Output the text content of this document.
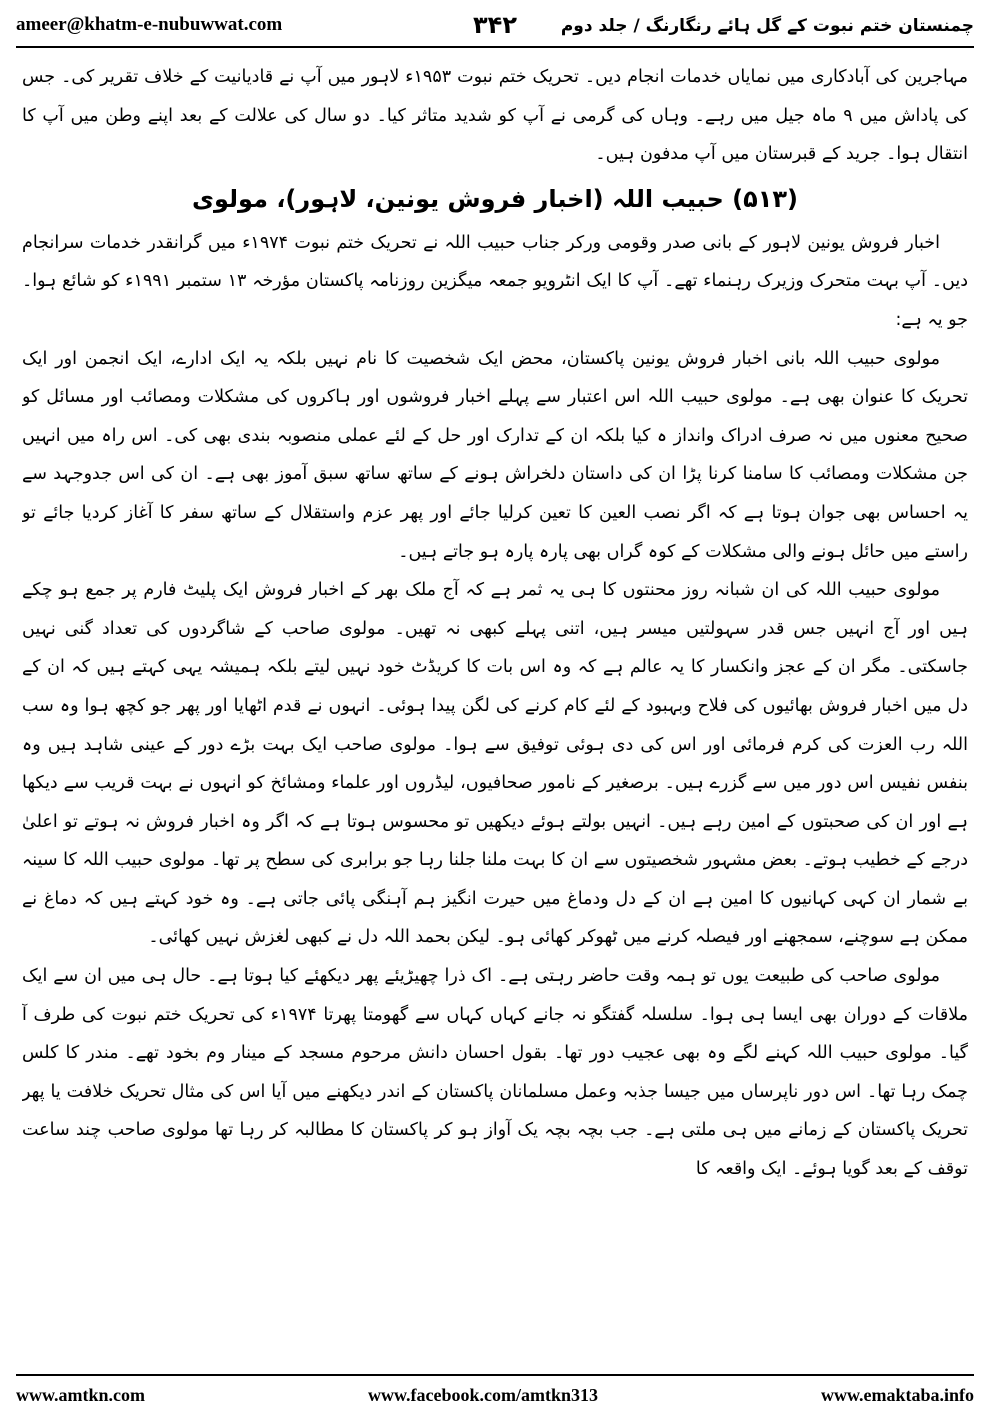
ameer@khatm-e-nubuwwat.com	۳۴۲	چمنستان ختم نبوت کے گل ہائے رنگارنگ / جلد دوم

مہاجرین کی آبادکاری میں نمایاں خدمات انجام دیں۔ تحریک ختم نبوت ۱۹۵۳ء لاہور میں آپ نے قادیانیت کے خلاف تقریر کی۔ جس کی پاداش میں ۹ ماہ جیل میں رہے۔ وہاں کی گرمی نے آپ کو شدید متاثر کیا۔ دو سال کی علالت کے بعد اپنے وطن میں آپ کا انتقال ہوا۔ جرید کے قبرستان میں آپ مدفون ہیں۔

(۵۱۳) حبیب اللہ (اخبار فروش یونین، لاہور)، مولوی

اخبار فروش یونین لاہور کے بانی صدر وقومی ورکر جناب حبیب اللہ نے تحریک ختم نبوت ۱۹۷۴ء میں گرانقدر خدمات سرانجام دیں۔ آپ بہت متحرک وزیرک رہنماء تھے۔ آپ کا ایک انٹرویو جمعہ میگزین روزنامہ پاکستان مؤرخہ ۱۳ ستمبر ۱۹۹۱ء کو شائع ہوا۔ جو یہ ہے:

مولوی حبیب اللہ بانی اخبار فروش یونین پاکستان، محض ایک شخصیت کا نام نہیں بلکہ یہ ایک ادارے، ایک انجمن اور ایک تحریک کا عنوان بھی ہے۔ مولوی حبیب اللہ اس اعتبار سے پہلے اخبار فروشوں اور ہاکروں کی مشکلات ومصائب اور مسائل کو صحیح معنوں میں نہ صرف ادراک وانداز ہ کیا بلکہ ان کے تدارک اور حل کے لئے عملی منصوبہ بندی بھی کی۔ اس راہ میں انہیں جن مشکلات ومصائب کا سامنا کرنا پڑا ان کی داستان دلخراش ہونے کے ساتھ ساتھ سبق آموز بھی ہے۔ ان کی اس جدوجہد سے یہ احساس بھی جوان ہوتا ہے کہ اگر نصب العین کا تعین کرلیا جائے اور پھر عزم واستقلال کے ساتھ سفر کا آغاز کردیا جائے تو راستے میں حائل ہونے والی مشکلات کے کوہ گراں بھی پارہ پارہ ہو جاتے ہیں۔

مولوی حبیب اللہ کی ان شبانہ روز محنتوں کا ہی یہ ثمر ہے کہ آج ملک بھر کے اخبار فروش ایک پلیٹ فارم پر جمع ہو چکے ہیں اور آج انہیں جس قدر سہولتیں میسر ہیں، اتنی پہلے کبھی نہ تھیں۔ مولوی صاحب کے شاگردوں کی تعداد گنی نہیں جاسکتی۔ مگر ان کے عجز وانکسار کا یہ عالم ہے کہ وہ اس بات کا کریڈٹ خود نہیں لیتے بلکہ ہمیشہ یہی کہتے ہیں کہ ان کے دل میں اخبار فروش بھائیوں کی فلاح وبہبود کے لئے کام کرنے کی لگن پیدا ہوئی۔ انہوں نے قدم اٹھایا اور پھر جو کچھ ہوا وہ سب اللہ رب العزت کی کرم فرمائی اور اس کی دی ہوئی توفیق سے ہوا۔ مولوی صاحب ایک بہت بڑے دور کے عینی شاہد ہیں وہ بنفس نفیس اس دور میں سے گزرے ہیں۔ برصغیر کے نامور صحافیوں، لیڈروں اور علماء ومشائخ کو انہوں نے بہت قریب سے دیکھا ہے اور ان کی صحبتوں کے امین رہے ہیں۔ انہیں بولتے ہوئے دیکھیں تو محسوس ہوتا ہے کہ اگر وہ اخبار فروش نہ ہوتے تو اعلیٰ درجے کے خطیب ہوتے۔ بعض مشہور شخصیتوں سے ان کا بہت ملنا جلنا رہا جو برابری کی سطح پر تھا۔ مولوی حبیب اللہ کا سینہ بے شمار ان کہی کہانیوں کا امین ہے ان کے دل ودماغ میں حیرت انگیز ہم آہنگی پائی جاتی ہے۔ وہ خود کہتے ہیں کہ دماغ نے ممکن ہے سوچنے، سمجھنے اور فیصلہ کرنے میں ٹھوکر کھائی ہو۔ لیکن بحمد اللہ دل نے کبھی لغزش نہیں کھائی۔

مولوی صاحب کی طبیعت یوں تو ہمہ وقت حاضر رہتی ہے۔ اک ذرا چھیڑیئے پھر دیکھئے کیا ہوتا ہے۔ حال ہی میں ان سے ایک ملاقات کے دوران بھی ایسا ہی ہوا۔ سلسلہ گفتگو نہ جانے کہاں کہاں سے گھومتا پھرتا ۱۹۷۴ء کی تحریک ختم نبوت کی طرف آ گیا۔ مولوی حبیب اللہ کہنے لگے وہ بھی عجیب دور تھا۔ بقول احسان دانش مرحوم مسجد کے مینار وم بخود تھے۔ مندر کا کلس چمک رہا تھا۔ اس دور ناپرساں میں جیسا جذبہ وعمل مسلمانان پاکستان کے اندر دیکھنے میں آیا اس کی مثال تحریک خلافت یا پھر تحریک پاکستان کے زمانے میں ہی ملتی ہے۔ جب بچہ بچہ یک آواز ہو کر پاکستان کا مطالبہ کر رہا تھا مولوی صاحب چند ساعت توقف کے بعد گویا ہوئے۔ ایک واقعہ کا

www.amtkn.com	www.facebook.com/amtkn313	www.emaktaba.info
